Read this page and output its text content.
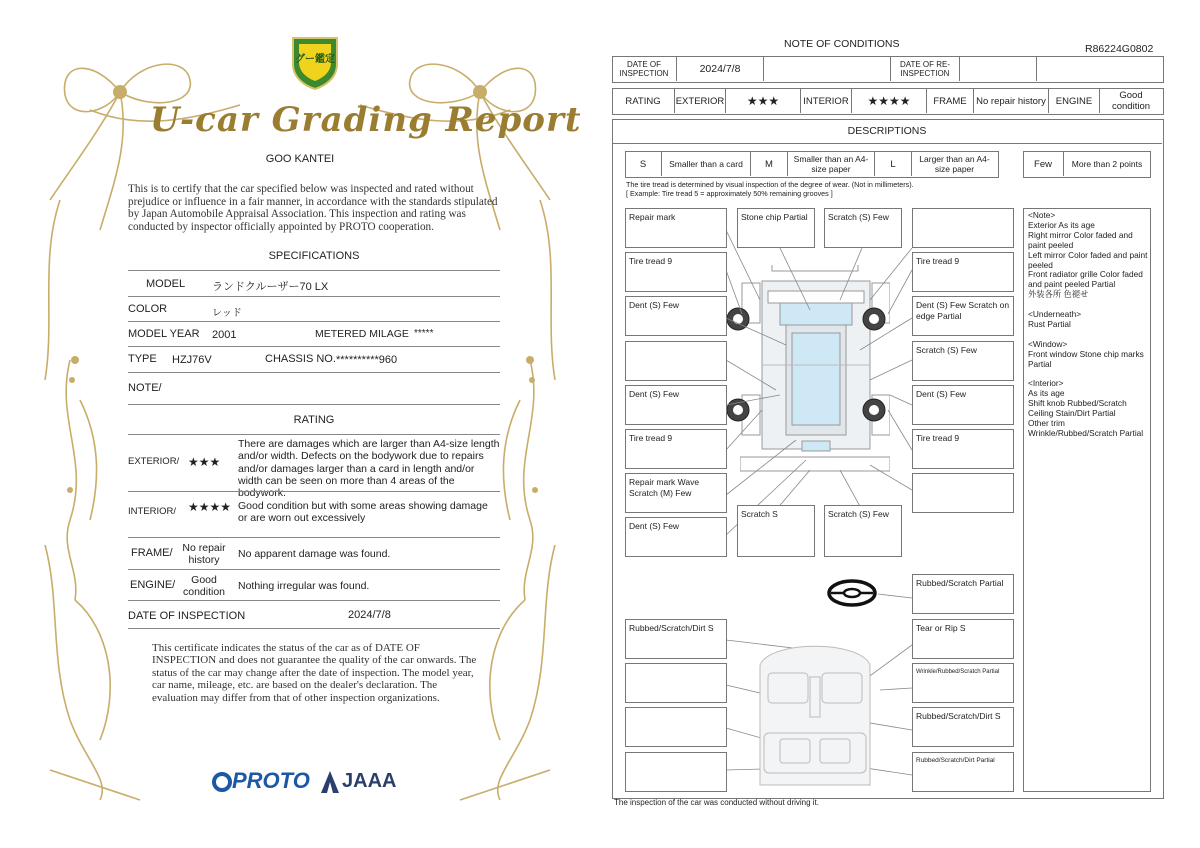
グー鑑定
U-car Grading Report
GOO KANTEI
This is to certify that the car specified below was inspected and rated without prejudice or influence in a fair manner, in accordance with the standards stipulated by Japan Automobile Appraisal Association. This inspection and rating was conducted by inspector officially appointed by PROTO cooperation.
SPECIFICATIONS
MODEL ランドクルーザー70 LX
COLOR	レッド
MODEL YEAR 2001	METERED MILAGE *****
TYPE HZJ76V	CHASSIS NO. **********960
NOTE/
RATING
EXTERIOR/ ★★★
There are damages which are larger than A4-size length and/or width. Defects on the bodywork due to repairs and/or damages larger than a card in length and/or width can be seen on more than 4 areas of the bodywork.
INTERIOR/ ★★★★ Good condition but with some areas showing damage or are worn out excessively
FRAME/ No repair history	No apparent damage was found.
ENGINE/	Good condition	Nothing irregular was found.
DATE OF INSPECTION	2024/7/8
This certificate indicates the status of the car as of DATE OF INSPECTION and does not guarantee the quality of the car onwards. The status of the car may change after the date of inspection. The model year, car name, mileage, etc. are based on the dealer's declaration. The evaluation may differ from that of other inspection organizations.
PROTO JAAA
NOTE OF CONDITIONS	R86224G0802
DATE OF INSPECTION	2024/7/8	DATE OF RE-INSPECTION
RATING	EXTERIOR	★★★	INTERIOR	★★★★	FRAME	No repair history	ENGINE	Good condition
DESCRIPTIONS
S	Smaller than a card	M	Smaller than an A4-size paper	L	Larger than an A4-size paper	Few	More than 2 points
The tire tread is determined by visual inspection of the degree of wear. (Not in millimeters).
[ Example: Tire tread 5 = approximately 50% remaining grooves ]
Repair mark
Tire tread 9
Dent (S) Few
Dent (S) Few
Tire tread 9
Repair mark Wave Scratch (M) Few
Dent (S) Few
Stone chip Partial	Scratch (S) Few
Tire tread 9
Dent (S) Few Scratch on edge Partial
Scratch (S) Few
Dent (S) Few
Tire tread 9
Scratch S	Scratch (S) Few
Rubbed/Scratch Partial
Tear or Rip S
Wrinkle/Rubbed/Scratch Partial
Rubbed/Scratch/Dirt S
Rubbed/Scratch/Dirt Partial
Rubbed/Scratch/Dirt S
<Note>
Exterior As its age
Right mirror Color faded and paint peeled
Left mirror Color faded and paint peeled
Front radiator grille Color faded and paint peeled Partial
外装各所 色褪せ

<Underneath>
Rust Partial

<Window>
Front window Stone chip marks Partial

<Interior>
As its age
Shift knob Rubbed/Scratch
Ceiling Stain/Dirt Partial
Other trim
Wrinkle/Rubbed/Scratch Partial
The inspection of the car was conducted without driving it.
